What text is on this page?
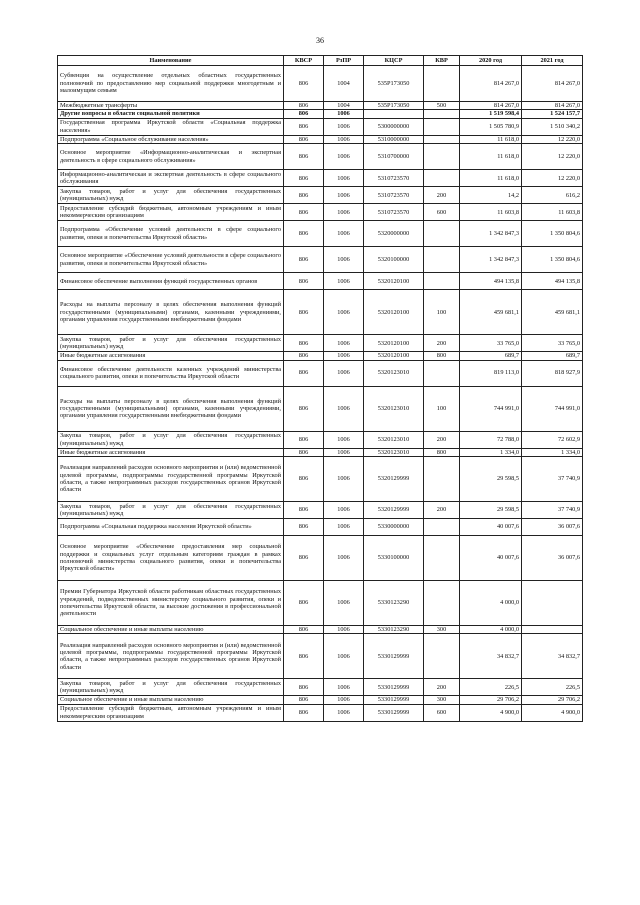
36
Наименование	КВСР	РзПР	КЦСР	КВР	2020 год	2021 год
Субвенция на осуществление отдельных областных государственных полномочий по предоставлению мер социальной поддержки многодетным и малоимущим семьям	806	1004	535P173050		814 267,0	814 267,0
Межбюджетные трансферты	806	1004	535P173050	500	814 267,0	814 267,0
Другие вопросы в области социальной политики	806	1006			1 519 598,4	1 524 157,7
Государственная программа Иркутской области «Социальная поддержка населения»	806	1006	5300000000		1 505 780,9	1 510 340,2
Подпрограмма «Социальное обслуживание населения»	806	1006	5310000000		11 618,0	12 220,0
Основное мероприятие «Информационно-аналитическая и экспертная деятельность в сфере социального обслуживания»	806	1006	5310700000		11 618,0	12 220,0
Информационно-аналитическая и экспертная деятельность в сфере социального обслуживания	806	1006	5310723570		11 618,0	12 220,0
Закупка товаров, работ и услуг для обеспечения государственных (муниципальных) нужд	806	1006	5310723570	200	14,2	616,2
Предоставление субсидий бюджетным, автономным учреждениям и иным некоммерческим организациям	806	1006	5310723570	600	11 603,8	11 603,8
Подпрограмма «Обеспечение условий деятельности в сфере социального развития, опеки и попечительства Иркутской области»	806	1006	5320000000		1 342 847,3	1 350 804,6
Основное мероприятие «Обеспечение условий деятельности в сфере социального развития, опеки и попечительства Иркутской области»	806	1006	5320100000		1 342 847,3	1 350 804,6
Финансовое обеспечение выполнения функций государственных органов	806	1006	5320120100		494 135,8	494 135,8
Расходы на выплаты персоналу в целях обеспечения выполнения функций государственными (муниципальными) органами, казенными учреждениями, органами управления государственными внебюджетными фондами	806	1006	5320120100	100	459 681,1	459 681,1
Закупка товаров, работ и услуг для обеспечения государственных (муниципальных) нужд	806	1006	5320120100	200	33 765,0	33 765,0
Иные бюджетные ассигнования	806	1006	5320120100	800	689,7	689,7
Финансовое обеспечение деятельности казенных учреждений министерства социального развития, опеки и попечительства Иркутской области	806	1006	5320123010		819 113,0	818 927,9
Расходы на выплаты персоналу в целях обеспечения выполнения функций государственными (муниципальными) органами, казенными учреждениями, органами управления государственными внебюджетными фондами	806	1006	5320123010	100	744 991,0	744 991,0
Закупка товаров, работ и услуг для обеспечения государственных (муниципальных) нужд	806	1006	5320123010	200	72 788,0	72 602,9
Иные бюджетные ассигнования	806	1006	5320123010	800	1 334,0	1 334,0
Реализация направлений расходов основного мероприятия и (или) ведомственной целевой программы, подпрограммы государственной программы Иркутской области, а также непрограммных расходов государственных органов Иркутской области	806	1006	5320129999		29 598,5	37 740,9
Закупка товаров, работ и услуг для обеспечения государственных (муниципальных) нужд	806	1006	5320129999	200	29 598,5	37 740,9
Подпрограмма «Социальная поддержка населения Иркутской области»	806	1006	5330000000		40 007,6	36 007,6
Основное мероприятие «Обеспечение предоставления мер социальной поддержки и социальных услуг отдельным категориям граждан в рамках полномочий министерства социального развития, опеки и попечительства Иркутской области»	806	1006	5330100000		40 007,6	36 007,6
Премии Губернатора Иркутской области работникам областных государственных учреждений, подведомственных министерству социального развития, опеки и попечительства Иркутской области, за высокие достижения в профессиональной деятельности	806	1006	5330123290		4 000,0	
Социальное обеспечение и иные выплаты населению	806	1006	5330123290	300	4 000,0	
Реализация направлений расходов основного мероприятия и (или) ведомственной целевой программы, подпрограммы государственной программы Иркутской области, а также непрограммных расходов государственных органов Иркутской области	806	1006	5330129999		34 832,7	34 832,7
Закупка товаров, работ и услуг для обеспечения государственных (муниципальных) нужд	806	1006	5330129999	200	226,5	226,5
Социальное обеспечение и иные выплаты населению	806	1006	5330129999	300	29 706,2	29 706,2
Предоставление субсидий бюджетным, автономным учреждениям и иным некоммерческим организациям	806	1006	5330129999	600	4 900,0	4 900,0
